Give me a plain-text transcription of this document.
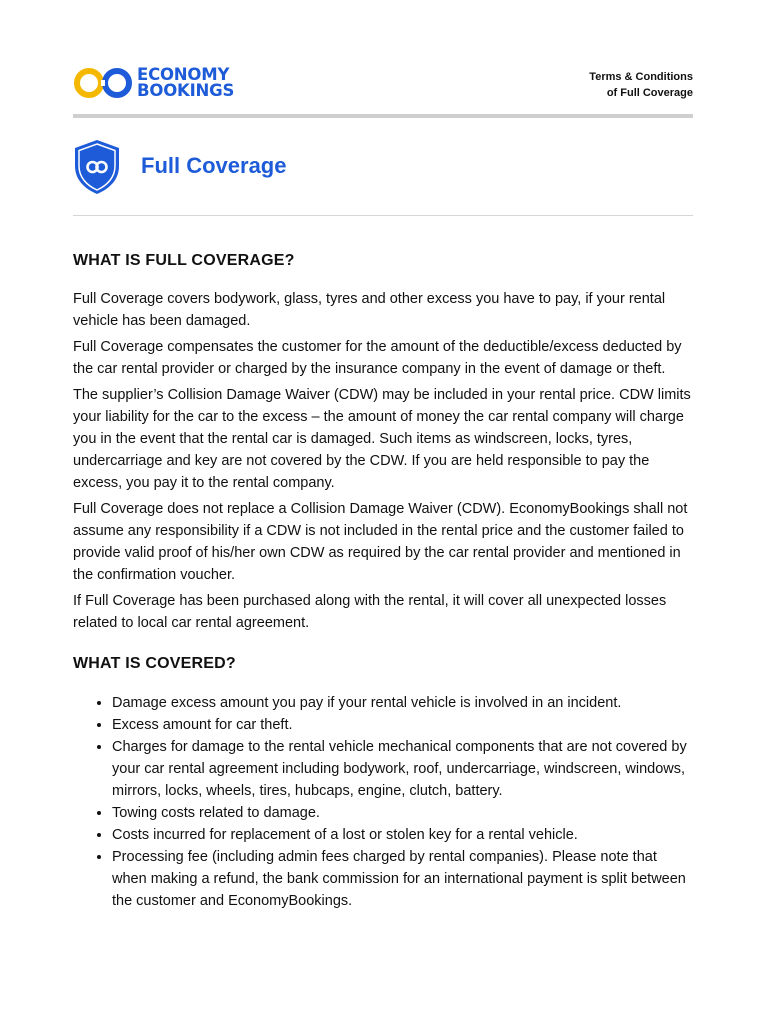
ECONOMY
BOOKINGS
Terms & Conditions
of Full Coverage
Full Coverage
WHAT IS FULL COVERAGE?

Full Coverage covers bodywork, glass, tyres and other excess you have to pay, if your rental vehicle has been damaged.

Full Coverage compensates the customer for the amount of the deductible/excess deducted by the car rental provider or charged by the insurance company in the event of damage or theft.

The supplier’s Collision Damage Waiver (CDW) may be included in your rental price. CDW limits your liability for the car to the excess – the amount of money the car rental company will charge you in the event that the rental car is damaged. Such items as windscreen, locks, tyres, undercarriage and key are not covered by the CDW. If you are held responsible to pay the excess, you pay it to the rental company.

Full Coverage does not replace a Collision Damage Waiver (CDW). EconomyBookings shall not assume any responsibility if a CDW is not included in the rental price and the customer failed to provide valid proof of his/her own CDW as required by the car rental provider and mentioned in the confirmation voucher.

If Full Coverage has been purchased along with the rental, it will cover all unexpected losses related to local car rental agreement.

WHAT IS COVERED?
• Damage excess amount you pay if your rental vehicle is involved in an incident.
• Excess amount for car theft.
• Charges for damage to the rental vehicle mechanical components that are not covered by your car rental agreement including bodywork, roof, undercarriage, windscreen, windows, mirrors, locks, wheels, tires, hubcaps, engine, clutch, battery.
• Towing costs related to damage.
• Costs incurred for replacement of a lost or stolen key for a rental vehicle.
• Processing fee (including admin fees charged by rental companies). Please note that when making a refund, the bank commission for an international payment is split between the customer and EconomyBookings.
